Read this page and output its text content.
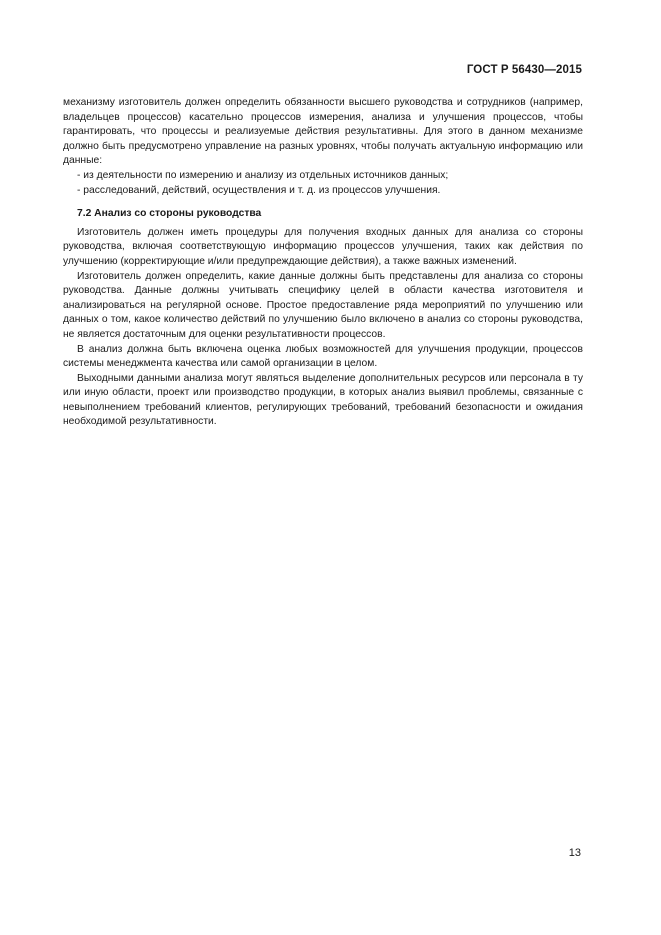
ГОСТ Р 56430—2015

механизму изготовитель должен определить обязанности высшего руководства и сотрудников (например, владельцев процессов) касательно процессов измерения, анализа и улучшения процессов, чтобы гарантировать, что процессы и реализуемые действия результативны. Для этого в данном механизме должно быть предусмотрено управление на разных уровнях, чтобы получать актуальную информацию или данные:

- из деятельности по измерению и анализу из отдельных источников данных;
- расследований, действий, осуществления и т. д. из процессов улучшения.
7.2 Анализ со стороны руководства

Изготовитель должен иметь процедуры для получения входных данных для анализа со стороны руководства, включая соответствующую информацию процессов улучшения, таких как действия по улучшению (корректирующие и/или предупреждающие действия), а также важных изменений.

Изготовитель должен определить, какие данные должны быть представлены для анализа со стороны руководства. Данные должны учитывать специфику целей в области качества изготовителя и анализироваться на регулярной основе. Простое предоставление ряда мероприятий по улучшению или данных о том, какое количество действий по улучшению было включено в анализ со стороны руководства, не является достаточным для оценки результативности процессов.

В анализ должна быть включена оценка любых возможностей для улучшения продукции, процессов системы менеджмента качества или самой организации в целом.

Выходными данными анализа могут являться выделение дополнительных ресурсов или персонала в ту или иную области, проект или производство продукции, в которых анализ выявил проблемы, связанные с невыполнением требований клиентов, регулирующих требований, требований безопасности и ожидания необходимой результативности.

13
